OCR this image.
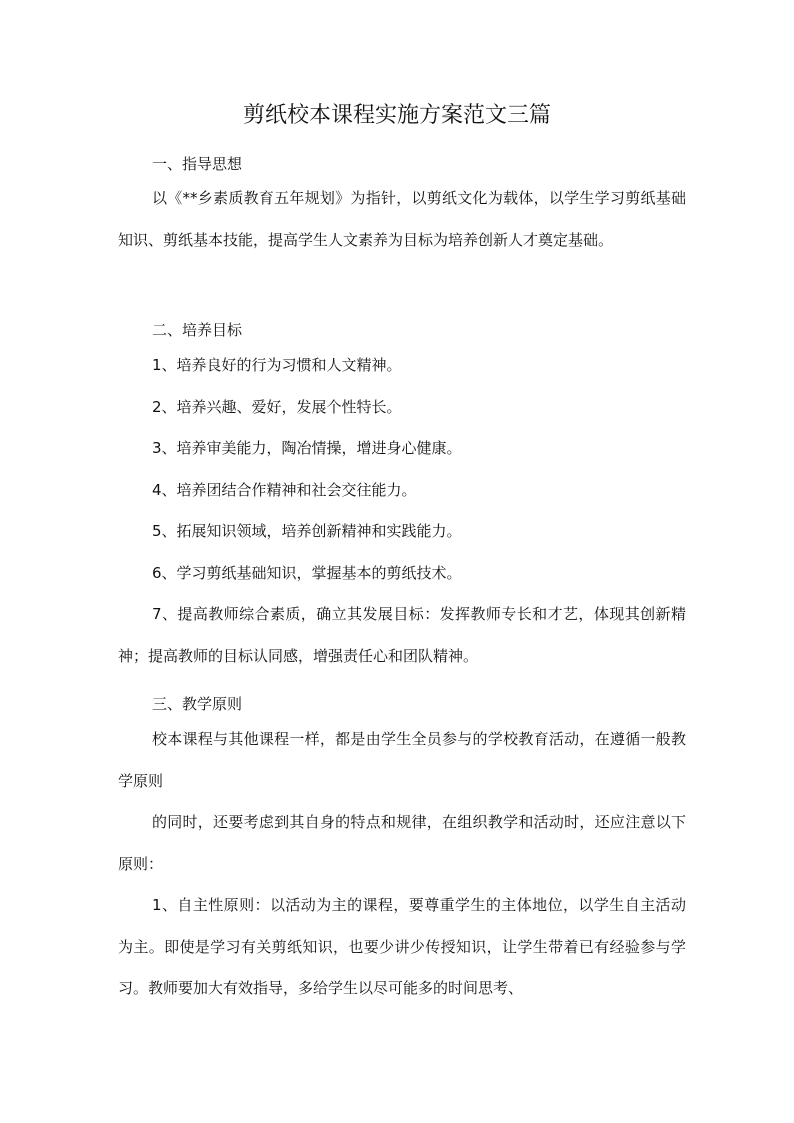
剪纸校本课程实施方案范文三篇
一、指导思想
以《**乡素质教育五年规划》为指针，以剪纸文化为载体，以学生学习剪纸基础知识、剪纸基本技能，提高学生人文素养为目标为培养创新人才奠定基础。
二、培养目标
1、培养良好的行为习惯和人文精神。
2、培养兴趣、爱好，发展个性特长。
3、培养审美能力，陶冶情操，增进身心健康。
4、培养团结合作精神和社会交往能力。
5、拓展知识领域，培养创新精神和实践能力。
6、学习剪纸基础知识，掌握基本的剪纸技术。
7、提高教师综合素质，确立其发展目标：发挥教师专长和才艺，体现其创新精神；提高教师的目标认同感，增强责任心和团队精神。
三、教学原则
校本课程与其他课程一样，都是由学生全员参与的学校教育活动，在遵循一般教学原则
的同时，还要考虑到其自身的特点和规律，在组织教学和活动时，还应注意以下原则：
1、自主性原则：以活动为主的课程，要尊重学生的主体地位，以学生自主活动为主。即使是学习有关剪纸知识，也要少讲少传授知识，让学生带着已有经验参与学习。教师要加大有效指导，多给学生以尽可能多的时间思考、
